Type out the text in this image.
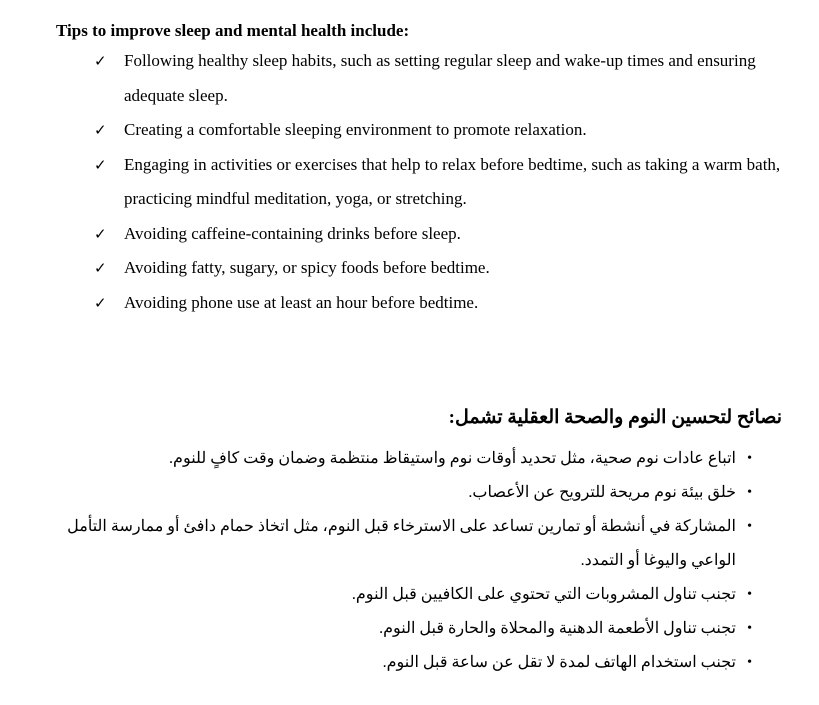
Tips to improve sleep and mental health include:

✓ Following healthy sleep habits, such as setting regular sleep and wake-up times and ensuring adequate sleep.
✓ Creating a comfortable sleeping environment to promote relaxation.
✓ Engaging in activities or exercises that help to relax before bedtime, such as taking a warm bath, practicing mindful meditation, yoga, or stretching.
✓ Avoiding caffeine-containing drinks before sleep.
✓ Avoiding fatty, sugary, or spicy foods before bedtime.
✓ Avoiding phone use at least an hour before bedtime.

نصائح لتحسين النوم والصحة العقلية تشمل:

•
اتباع عادات نوم صحية، مثل تحديد أوقات نوم واستيقاظ منتظمة وضمان وقت كافٍ للنوم.
•
خلق بيئة نوم مريحة للترويح عن الأعصاب.
•
المشاركة في أنشطة أو تمارين تساعد على الاسترخاء قبل النوم، مثل اتخاذ حمام دافئ أو ممارسة التأمل الواعي واليوغا أو التمدد.
•
تجنب تناول المشروبات التي تحتوي على الكافيين قبل النوم.
•
تجنب تناول الأطعمة الدهنية والمحلاة والحارة قبل النوم.
•
تجنب استخدام الهاتف لمدة لا تقل عن ساعة قبل النوم.
